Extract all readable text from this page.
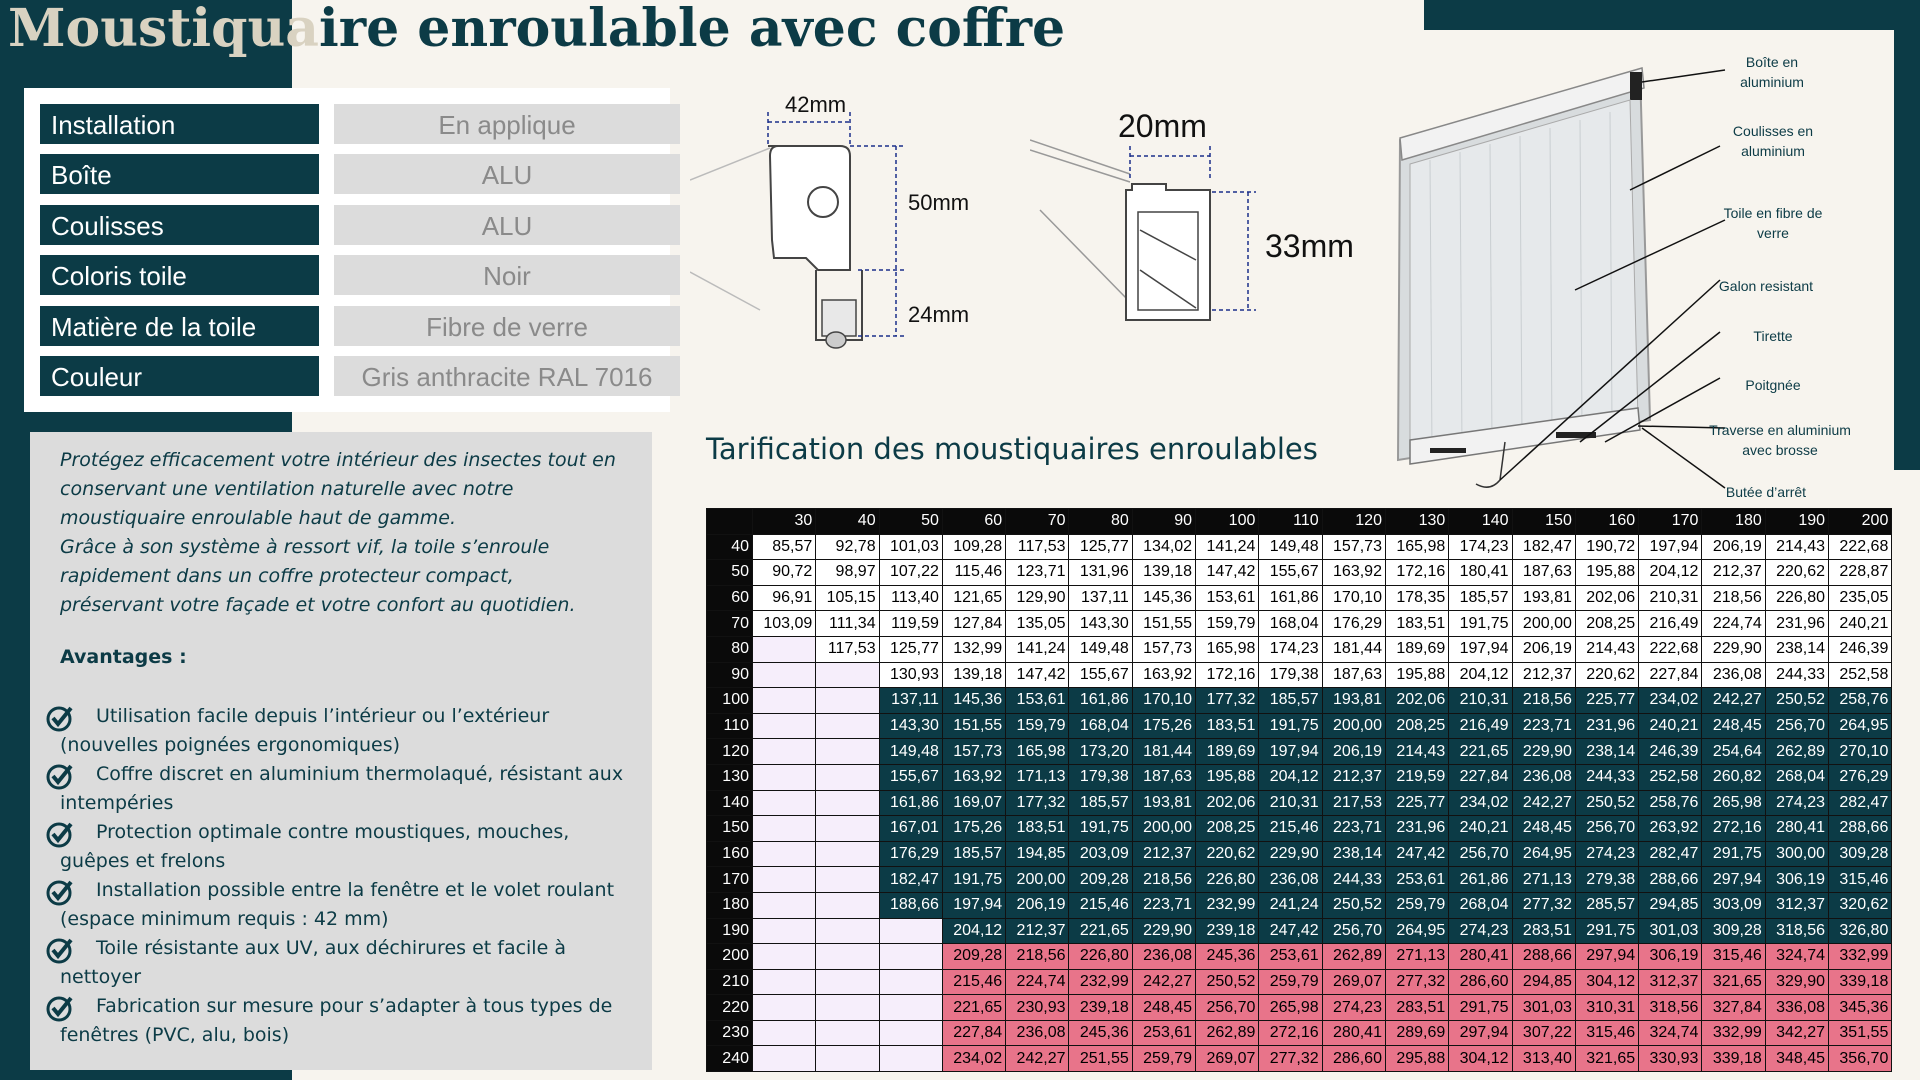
Moustiquaire enroulable avec coffre
Installation	En applique
Boîte	ALU
Coulisses	ALU
Coloris toile	Noir
Matière de la toile	Fibre de verre
Couleur	Gris anthracite RAL 7016
Protégez efficacement votre intérieur des insectes tout en
conservant une ventilation naturelle avec notre
moustiquaire enroulable haut de gamme.
Grâce à son système à ressort vif, la toile s’enroule
rapidement dans un coffre protecteur compact,
préservant votre façade et votre confort au quotidien.
Avantages :
Utilisation facile depuis l’intérieur ou l’extérieur
(nouvelles poignées ergonomiques)
Coffre discret en aluminium thermolaqué, résistant aux
intempéries
Protection optimale contre moustiques, mouches,
guêpes et frelons
Installation possible entre la fenêtre et le volet roulant
(espace minimum requis : 42 mm)
Toile résistante aux UV, aux déchirures et facile à
nettoyer
Fabrication sur mesure pour s’adapter à tous types de
fenêtres (PVC, alu, bois)
42mm
50mm
24mm
20mm
33mm
Boîte en
aluminium
Coulisses en
aluminium
Toile en fibre de
verre
Galon resistant
Tirette
Poitgnée
Traverse en aluminium
avec brosse
Butée d’arrêt
Tarification des moustiquaires enroulables
	30	40	50	60	70	80	90	100	110	120	130	140	150	160	170	180	190	200
40	85,57	92,78	101,03	109,28	117,53	125,77	134,02	141,24	149,48	157,73	165,98	174,23	182,47	190,72	197,94	206,19	214,43	222,68
50	90,72	98,97	107,22	115,46	123,71	131,96	139,18	147,42	155,67	163,92	172,16	180,41	187,63	195,88	204,12	212,37	220,62	228,87
60	96,91	105,15	113,40	121,65	129,90	137,11	145,36	153,61	161,86	170,10	178,35	185,57	193,81	202,06	210,31	218,56	226,80	235,05
70	103,09	111,34	119,59	127,84	135,05	143,30	151,55	159,79	168,04	176,29	183,51	191,75	200,00	208,25	216,49	224,74	231,96	240,21
80		117,53	125,77	132,99	141,24	149,48	157,73	165,98	174,23	181,44	189,69	197,94	206,19	214,43	222,68	229,90	238,14	246,39
90			130,93	139,18	147,42	155,67	163,92	172,16	179,38	187,63	195,88	204,12	212,37	220,62	227,84	236,08	244,33	252,58
100			137,11	145,36	153,61	161,86	170,10	177,32	185,57	193,81	202,06	210,31	218,56	225,77	234,02	242,27	250,52	258,76
110			143,30	151,55	159,79	168,04	175,26	183,51	191,75	200,00	208,25	216,49	223,71	231,96	240,21	248,45	256,70	264,95
120			149,48	157,73	165,98	173,20	181,44	189,69	197,94	206,19	214,43	221,65	229,90	238,14	246,39	254,64	262,89	270,10
130			155,67	163,92	171,13	179,38	187,63	195,88	204,12	212,37	219,59	227,84	236,08	244,33	252,58	260,82	268,04	276,29
140			161,86	169,07	177,32	185,57	193,81	202,06	210,31	217,53	225,77	234,02	242,27	250,52	258,76	265,98	274,23	282,47
150			167,01	175,26	183,51	191,75	200,00	208,25	215,46	223,71	231,96	240,21	248,45	256,70	263,92	272,16	280,41	288,66
160			176,29	185,57	194,85	203,09	212,37	220,62	229,90	238,14	247,42	256,70	264,95	274,23	282,47	291,75	300,00	309,28
170			182,47	191,75	200,00	209,28	218,56	226,80	236,08	244,33	253,61	261,86	271,13	279,38	288,66	297,94	306,19	315,46
180			188,66	197,94	206,19	215,46	223,71	232,99	241,24	250,52	259,79	268,04	277,32	285,57	294,85	303,09	312,37	320,62
190				204,12	212,37	221,65	229,90	239,18	247,42	256,70	264,95	274,23	283,51	291,75	301,03	309,28	318,56	326,80
200				209,28	218,56	226,80	236,08	245,36	253,61	262,89	271,13	280,41	288,66	297,94	306,19	315,46	324,74	332,99
210				215,46	224,74	232,99	242,27	250,52	259,79	269,07	277,32	286,60	294,85	304,12	312,37	321,65	329,90	339,18
220				221,65	230,93	239,18	248,45	256,70	265,98	274,23	283,51	291,75	301,03	310,31	318,56	327,84	336,08	345,36
230				227,84	236,08	245,36	253,61	262,89	272,16	280,41	289,69	297,94	307,22	315,46	324,74	332,99	342,27	351,55
240				234,02	242,27	251,55	259,79	269,07	277,32	286,60	295,88	304,12	313,40	321,65	330,93	339,18	348,45	356,70
